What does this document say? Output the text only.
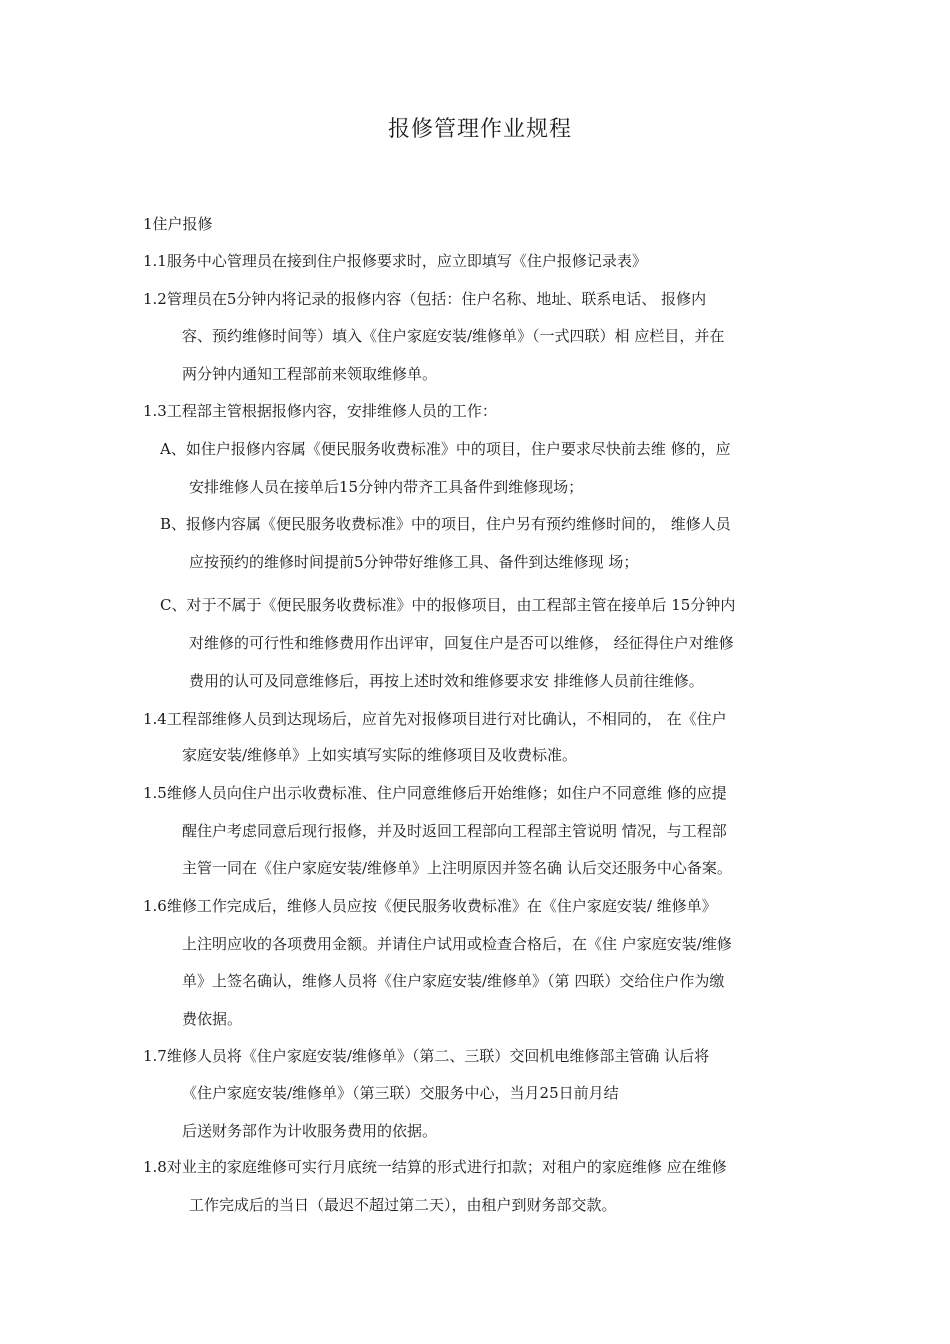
报修管理作业规程

1住户报修

1.1服务中心管理员在接到住户报修要求时，应立即填写《住户报修记录表》

1.2管理员在5分钟内将记录的报修内容（包括：住户名称、地址、联系电话、 报修内

容、预约维修时间等）填入《住户家庭安装/维修单》（一式四联）相 应栏目，并在

两分钟内通知工程部前来领取维修单。

1.3工程部主管根据报修内容，安排维修人员的工作：

A、如住户报修内容属《便民服务收费标准》中的项目，住户要求尽快前去维 修的，应

安排维修人员在接单后15分钟内带齐工具备件到维修现场；

B、报修内容属《便民服务收费标准》中的项目，住户另有预约维修时间的， 维修人员

应按预约的维修时间提前5分钟带好维修工具、备件到达维修现 场；

C、对于不属于《便民服务收费标准》中的报修项目，由工程部主管在接单后 15分钟内

对维修的可行性和维修费用作出评审，回复住户是否可以维修， 经征得住户对维修

费用的认可及同意维修后，再按上述时效和维修要求安 排维修人员前往维修。

1.4工程部维修人员到达现场后，应首先对报修项目进行对比确认，不相同的， 在《住户

家庭安装/维修单》上如实填写实际的维修项目及收费标准。

1.5维修人员向住户出示收费标准、住户同意维修后开始维修；如住户不同意维 修的应提

醒住户考虑同意后现行报修，并及时返回工程部向工程部主管说明 情况，与工程部

主管一同在《住户家庭安装/维修单》上注明原因并签名确 认后交还服务中心备案。

1.6维修工作完成后，维修人员应按《便民服务收费标准》在《住户家庭安装/ 维修单》

上注明应收的各项费用金额。并请住户试用或检查合格后，在《住 户家庭安装/维修

单》上签名确认，维修人员将《住户家庭安装/维修单》（第 四联）交给住户作为缴

费依据。

1.7维修人员将《住户家庭安装/维修单》（第二、三联）交回机电维修部主管确 认后将

《住户家庭安装/维修单》（第三联）交服务中心，当月25日前月结

后送财务部作为计收服务费用的依据。

1.8对业主的家庭维修可实行月底统一结算的形式进行扣款；对租户的家庭维修 应在维修

工作完成后的当日（最迟不超过第二天），由租户到财务部交款。
